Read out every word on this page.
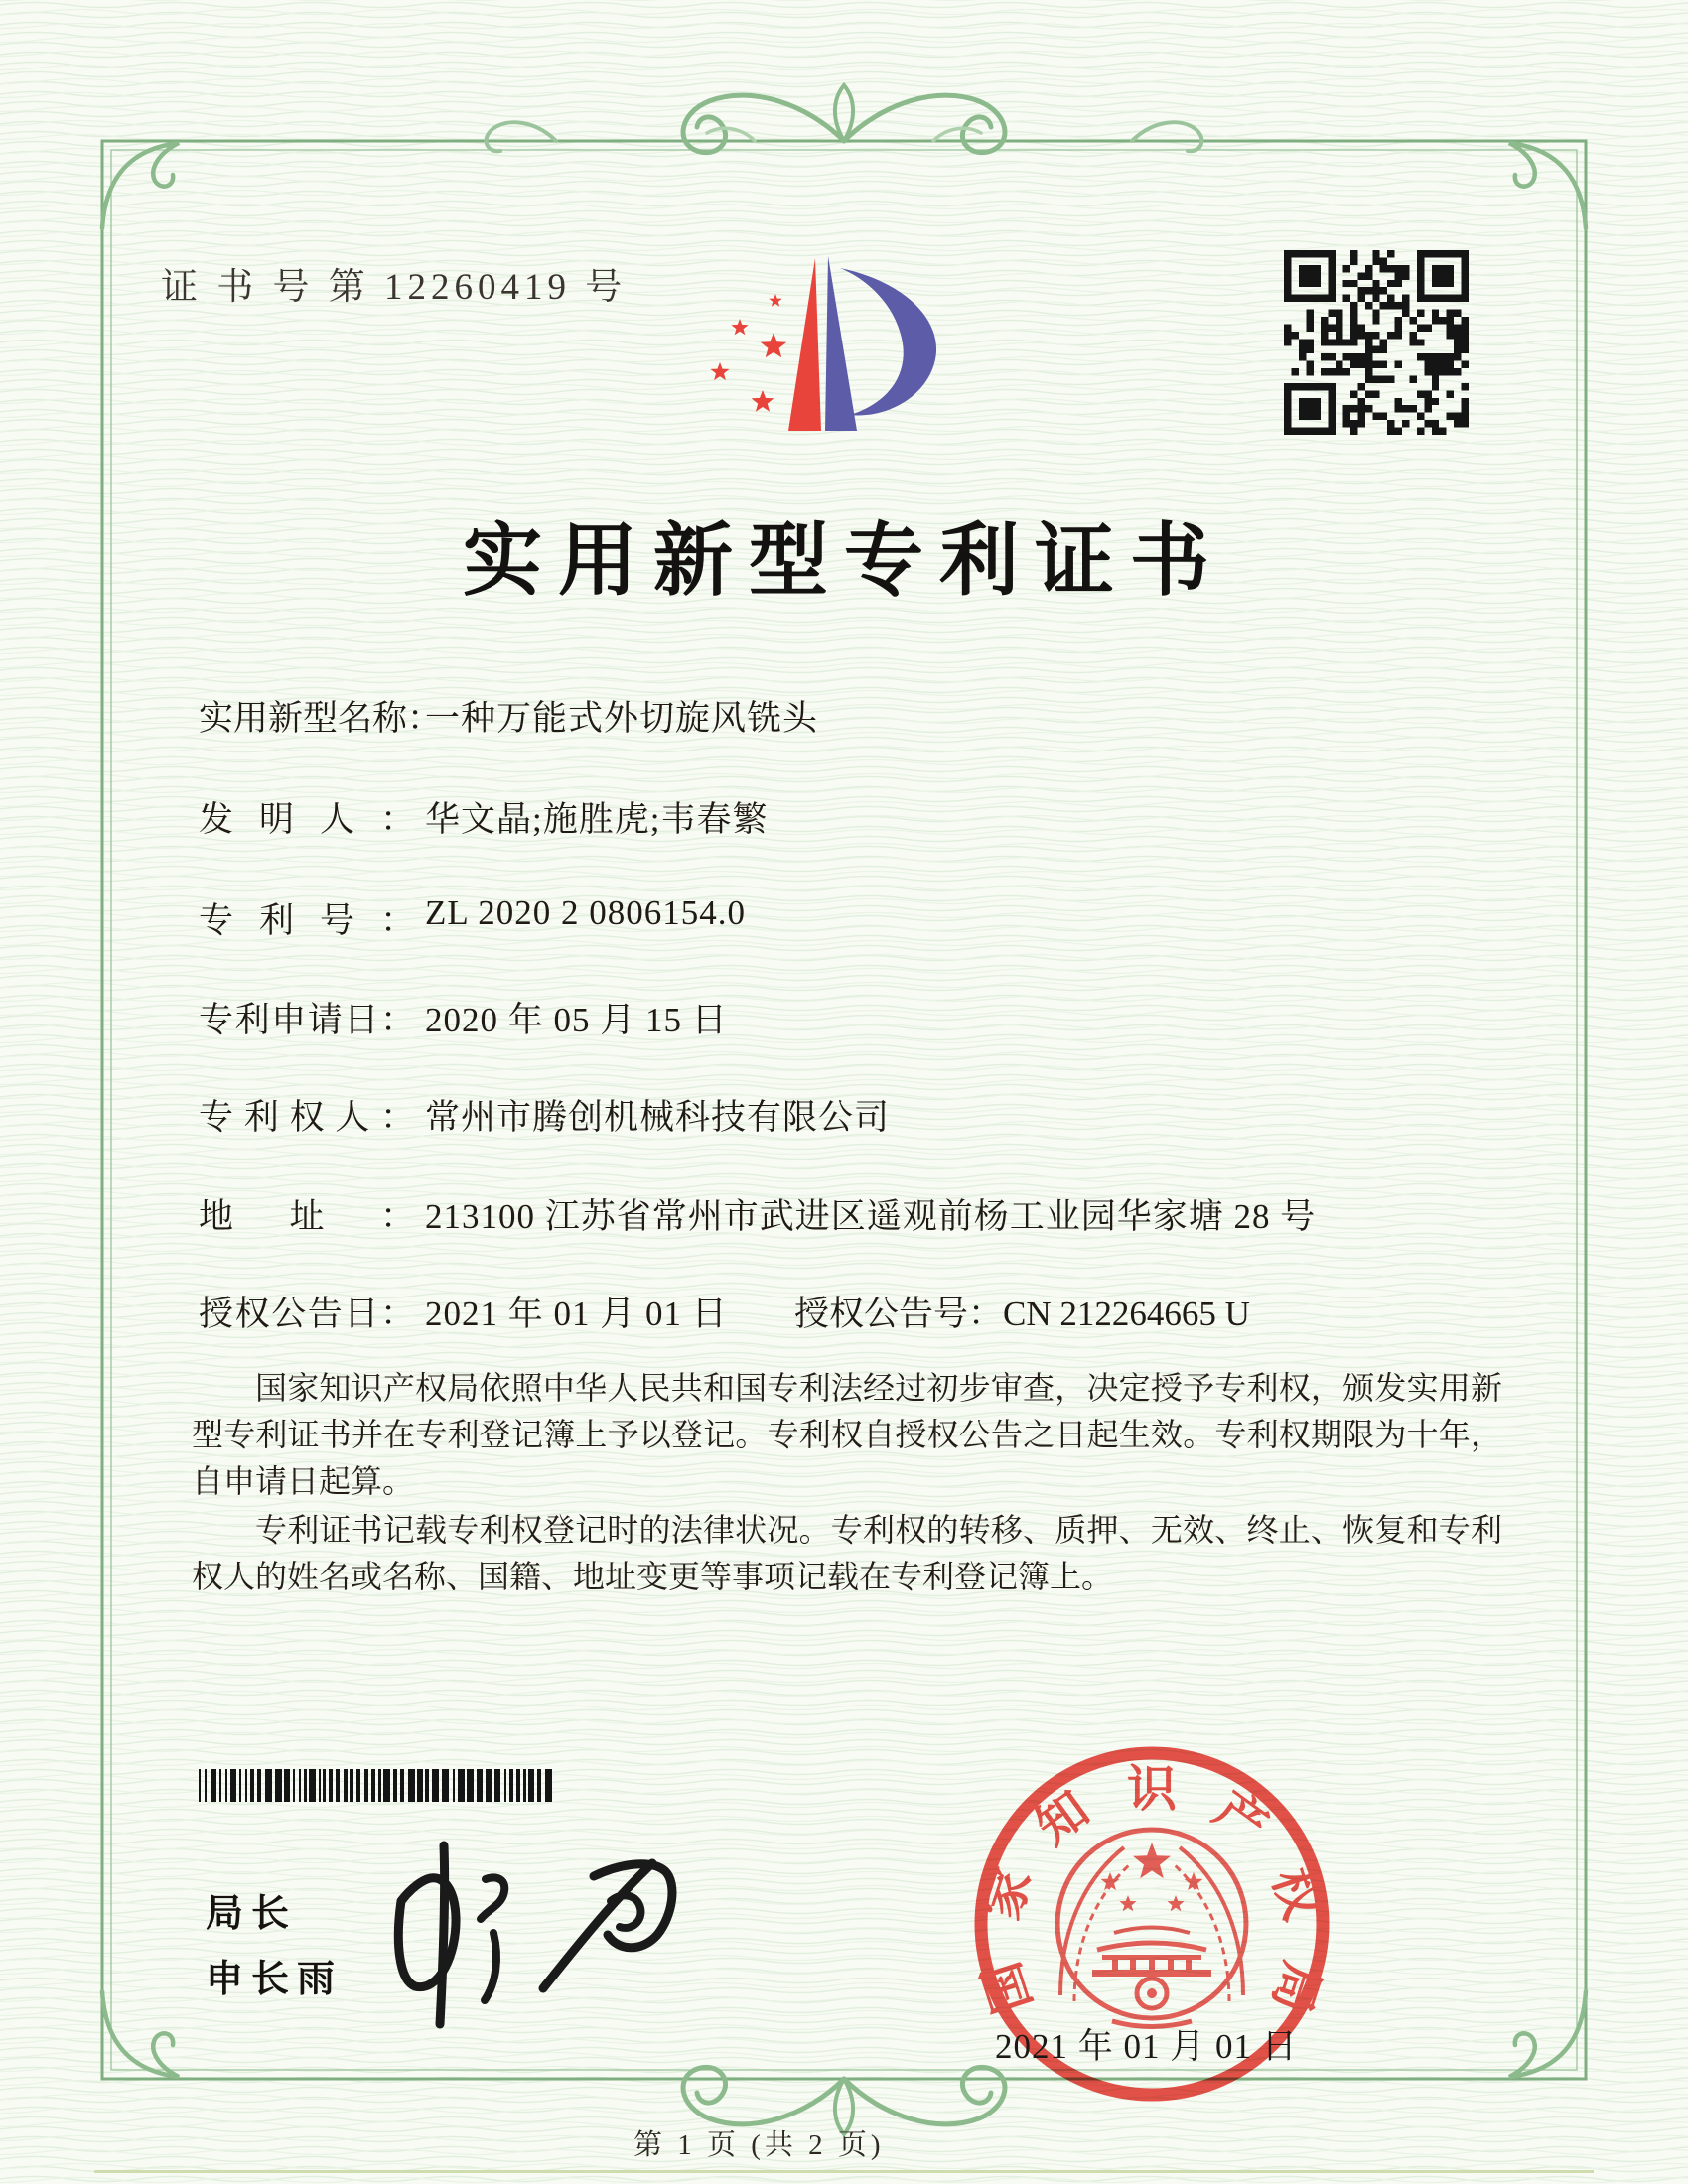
证 书 号 第 12260419 号
实用新型专利证书
实用新型名称：一种万能式外切旋风铣头
发明人： 华文晶;施胜虎;韦春繁
专利号： ZL 2020 2 0806154.0
专利申请日： 2020 年 05 月 15 日
专利权人： 常州市腾创机械科技有限公司
地址： 213100 江苏省常州市武进区遥观前杨工业园华家塘 28 号
授权公告日： 2021 年 01 月 01 日 授权公告号：CN 212264665 U

国家知识产权局依照中华人民共和国专利法经过初步审查，决定授予专利权，颁发实用新型专利证书并在专利登记簿上予以登记。专利权自授权公告之日起生效。专利权期限为十年，自申请日起算。

专利证书记载专利权登记时的法律状况。专利权的转移、质押、无效、终止、恢复和专利权人的姓名或名称、国籍、地址变更等事项记载在专利登记簿上。

局长
申长雨	国
家
知 识 产
权
局
2021 年 01 月 01 日
第 1 页 (共 2 页)
